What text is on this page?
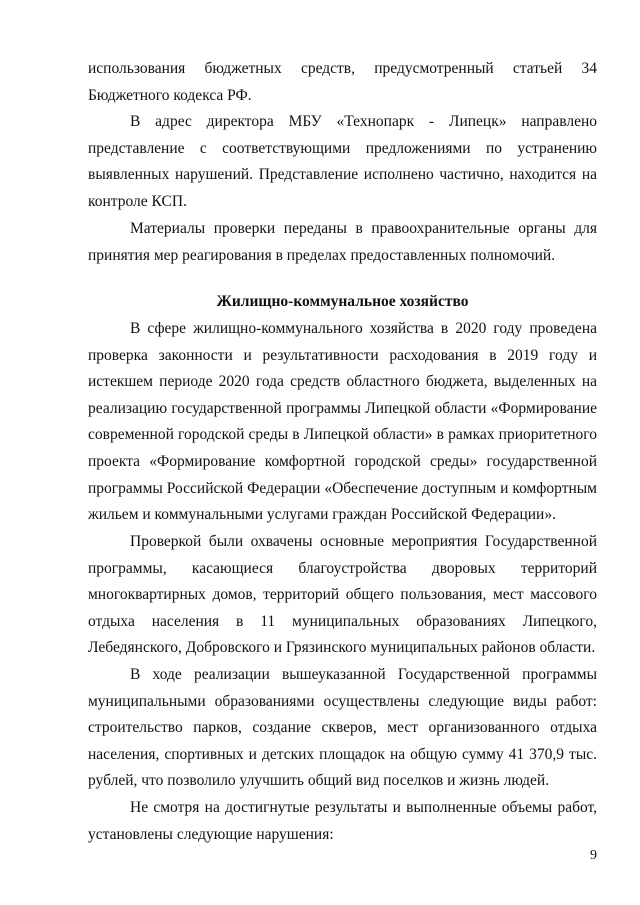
использования бюджетных средств, предусмотренный статьей 34
Бюджетного кодекса РФ.
В адрес директора МБУ «Технопарк - Липецк» направлено
представление с соответствующими предложениями по устранению
выявленных нарушений. Представление исполнено частично, находится на
контроле КСП.
Материалы проверки переданы в правоохранительные органы для
принятия мер реагирования в пределах предоставленных полномочий.
Жилищно-коммунальное хозяйство
В сфере жилищно-коммунального хозяйства в 2020 году проведена
проверка законности и результативности расходования в 2019 году и
истекшем периоде 2020 года средств областного бюджета, выделенных на
реализацию государственной программы Липецкой области «Формирование
современной городской среды в Липецкой области» в рамках приоритетного
проекта «Формирование комфортной городской среды» государственной
программы Российской Федерации «Обеспечение доступным и комфортным
жильем и коммунальными услугами граждан Российской Федерации».
Проверкой были охвачены основные мероприятия Государственной
программы, касающиеся благоустройства дворовых территорий
многоквартирных домов, территорий общего пользования, мест массового
отдыха населения в 11 муниципальных образованиях Липецкого,
Лебедянского, Добровского и Грязинского муниципальных районов области.
В ходе реализации вышеуказанной Государственной программы
муниципальными образованиями осуществлены следующие виды работ:
строительство парков, создание скверов, мест организованного отдыха
населения, спортивных и детских площадок на общую сумму 41 370,9 тыс.
рублей, что позволило улучшить общий вид поселков и жизнь людей.
Не смотря на достигнутые результаты и выполненные объемы работ,
установлены следующие нарушения:
9
